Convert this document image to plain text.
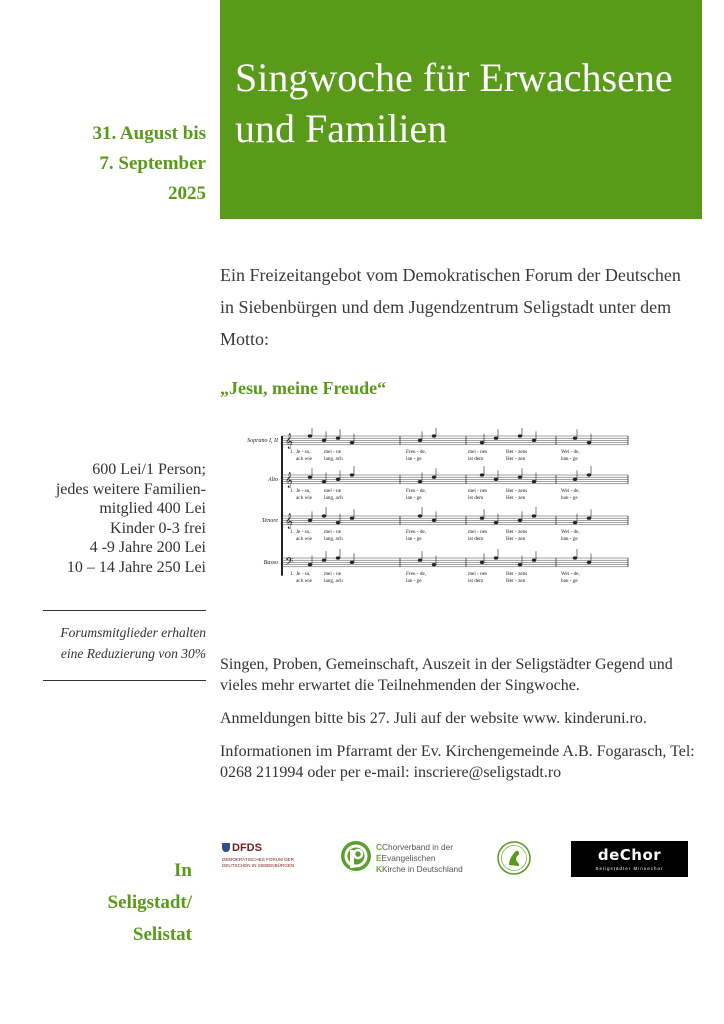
Singwoche für Erwachsene und Familien
31. August bis
7. September
2025
Ein Freizeitangebot vom Demokratischen Forum der Deutschen in Siebenbürgen und dem Jugendzentrum Seligstadt unter dem Motto:
„Jesu, meine Freude“
Soprano I, II 𝄞
1. Je - su,	mei - ne	Freu - de,	mei - nes	Her - zens	Wei - de,
ach wie lang, ach	lan - ge	ist dem	Her - zen	ban - ge
Alto 𝄞
1. Je - su,	mei - ne	Freu - de,	mei - nes	Her - zens	Wei - de,
ach wie lang, ach	lan - ge	ist dem	Her - zen	ban - ge
Tenore 𝄞
1. Je - su,	mei - ne	Freu - de,	mei - nes	Her - zens	Wei - de,
ach wie lang, ach	lan - ge	ist dem	Her - zen	ban - ge
Basso 𝄢
1. Je - su,	mei - ne	Freu - de,	mei - nes	Her - zens	Wei - de,
ach wie lang, ach	lan - ge	ist dem	Her - zen	ban - ge
600 Lei/1 Person;
jedes weitere Familien-
mitglied 400 Lei
Kinder 0-3 frei
4 -9 Jahre 200 Lei
10 – 14 Jahre 250 Lei
Forumsmitglieder erhalten
eine Reduzierung von 30%

Singen, Proben, Gemeinschaft, Auszeit in der Seligstädter Gegend und vieles mehr erwartet die Teilnehmenden der Singwoche.

Anmeldungen bitte bis 27. Juli auf der website www. kinderuni.ro.

Informationen im Pfarramt der Ev. Kirchengemeinde A.B. Fogarasch, Tel: 0268 211994 oder per e-mail: inscriere@seligstadt.ro

In
Seligstadt/
Selistat
DFDS
DEMOKRATISCHES FORUM DER DEUTSCHEN IN SIEBENBÜRGEN
CChorverband in der
EEvangelischen
KKirche in Deutschland
deChor
Seligstädter Minnechor
